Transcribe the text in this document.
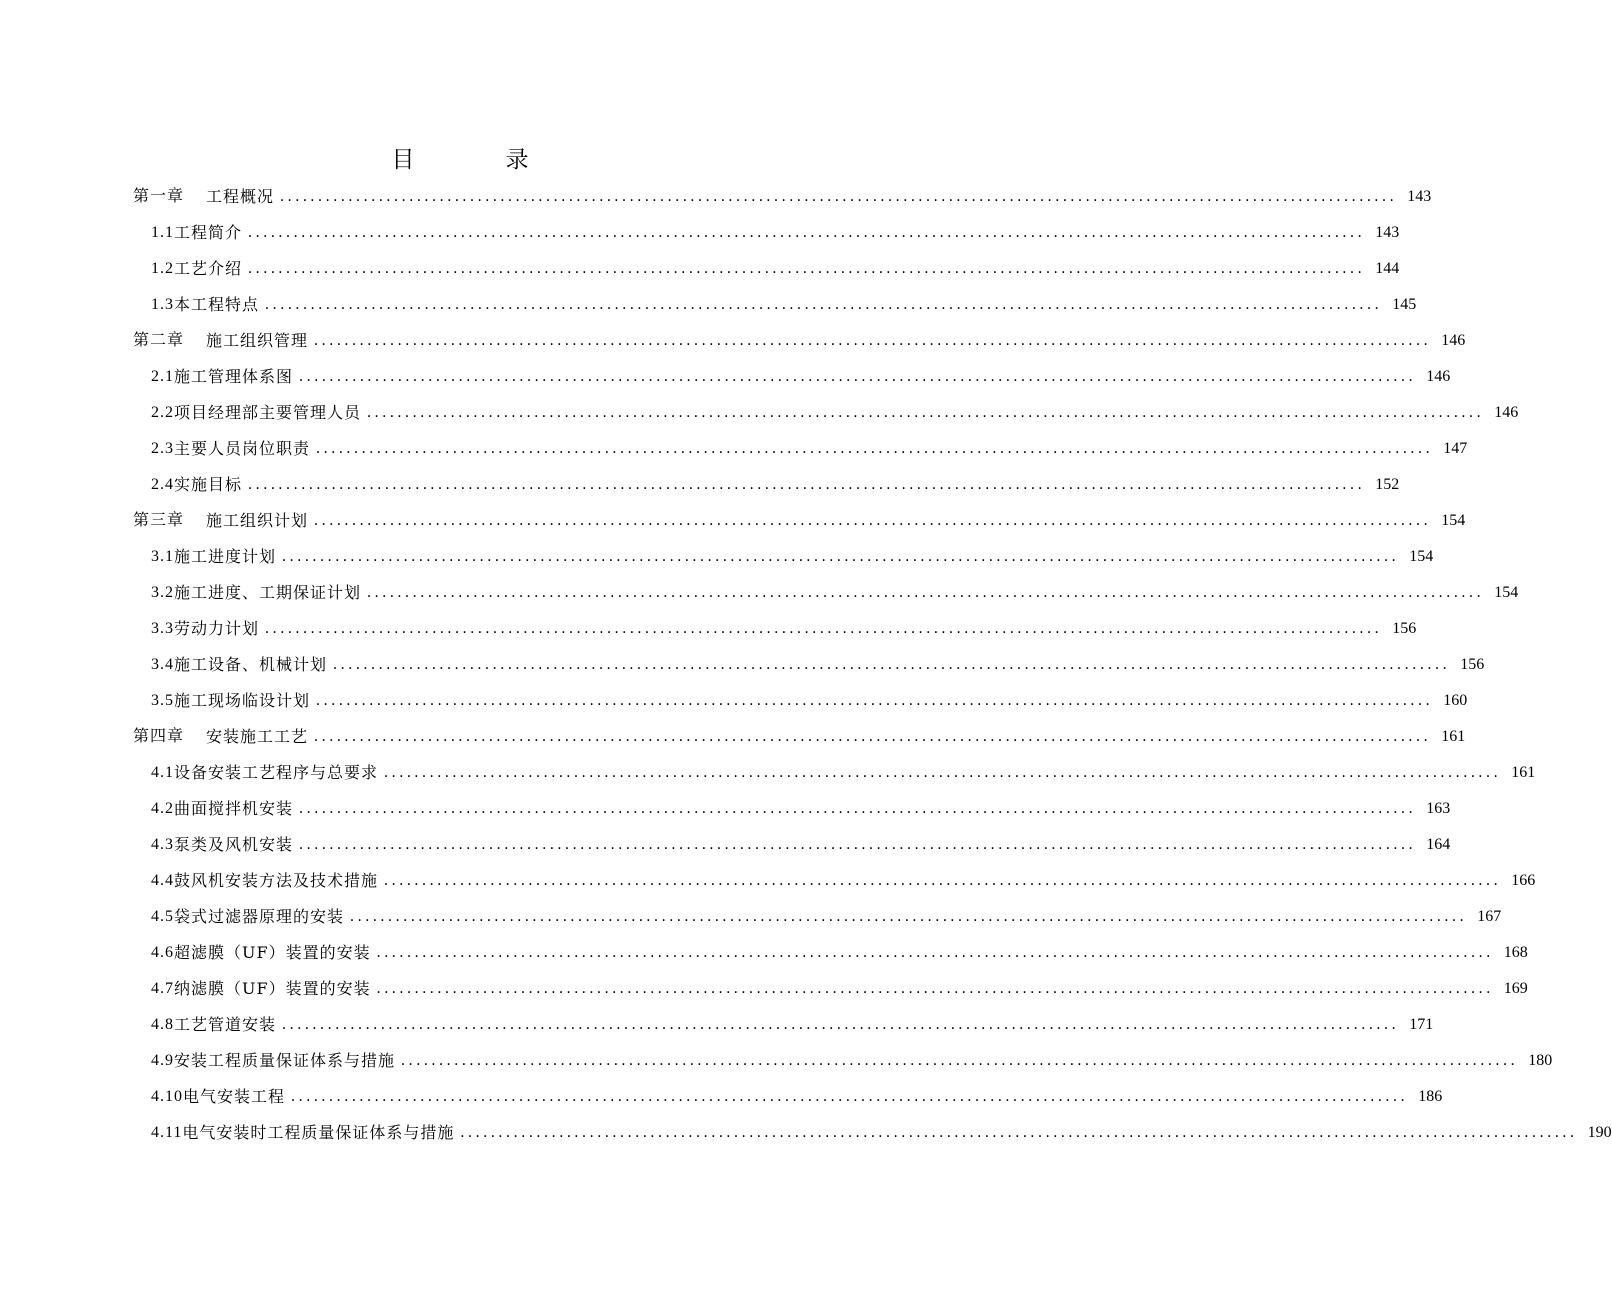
目　录
第一章 工程概况 ................................................................................................................................................... 143
1.1 工程简介 ................................................................................................................................................... 143
1.2 工艺介绍 ................................................................................................................................................... 144
1.3 本工程特点 ................................................................................................................................................... 145
第二章 施工组织管理 ................................................................................................................................................... 146
2.1 施工管理体系图 ................................................................................................................................................... 146
2.2 项目经理部主要管理人员 ................................................................................................................................................... 146
2.3 主要人员岗位职责 ................................................................................................................................................... 147
2.4 实施目标 ................................................................................................................................................... 152
第三章 施工组织计划 ................................................................................................................................................... 154
3.1 施工进度计划 ................................................................................................................................................... 154
3.2 施工进度、工期保证计划 ................................................................................................................................................... 154
3.3 劳动力计划 ................................................................................................................................................... 156
3.4 施工设备、机械计划 ................................................................................................................................................... 156
3.5 施工现场临设计划 ................................................................................................................................................... 160
第四章 安装施工工艺 ................................................................................................................................................... 161
4.1 设备安装工艺程序与总要求 ................................................................................................................................................... 161
4.2 曲面搅拌机安装 ................................................................................................................................................... 163
4.3 泵类及风机安装 ................................................................................................................................................... 164
4.4 鼓风机安装方法及技术措施 ................................................................................................................................................... 166
4.5 袋式过滤器原理的安装 ................................................................................................................................................... 167
4.6 超滤膜（UF）装置的安装 ................................................................................................................................................... 168
4.7 纳滤膜（UF）装置的安装 ................................................................................................................................................... 169
4.8 工艺管道安装 ................................................................................................................................................... 171
4.9 安装工程质量保证体系与措施 ................................................................................................................................................... 180
4.10 电气安装工程 ................................................................................................................................................... 186
4.11 电气安装时工程质量保证体系与措施 ................................................................................................................................................... 190
